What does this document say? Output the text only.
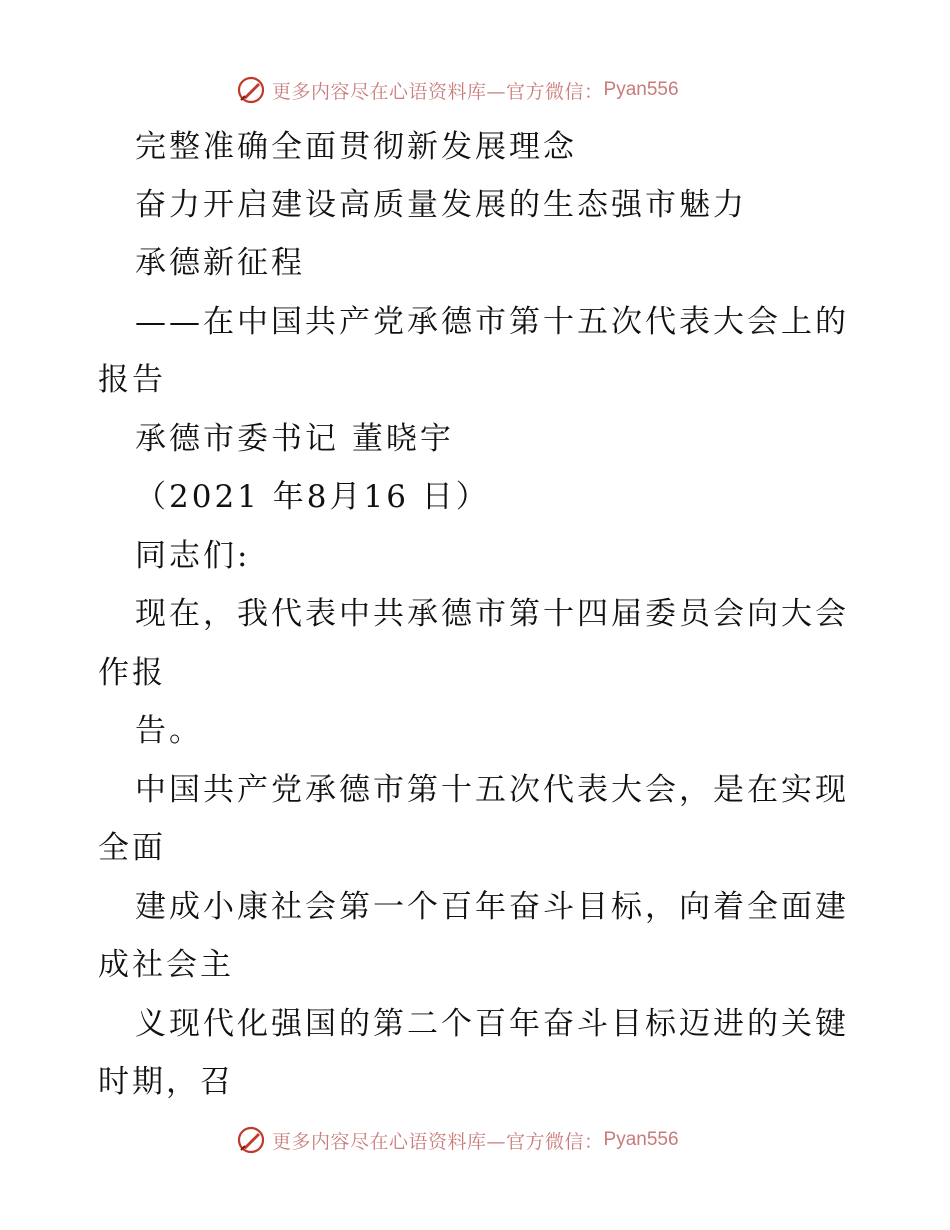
更多内容尽在心语资料库—官方微信： Pyan556
完整准确全面贯彻新发展理念
奋力开启建设高质量发展的生态强市魅力
承德新征程
——在中国共产党承德市第十五次代表大会上的
报告
承德市委书记 董晓宇
（2021 年8月16 日）
同志们:
现在，我代表中共承德市第十四届委员会向大会
作报
告。
中国共产党承德市第十五次代表大会，是在实现
全面
建成小康社会第一个百年奋斗目标，向着全面建
成社会主
义现代化强国的第二个百年奋斗目标迈进的关键
时期，召
更多内容尽在心语资料库—官方微信： Pyan556
